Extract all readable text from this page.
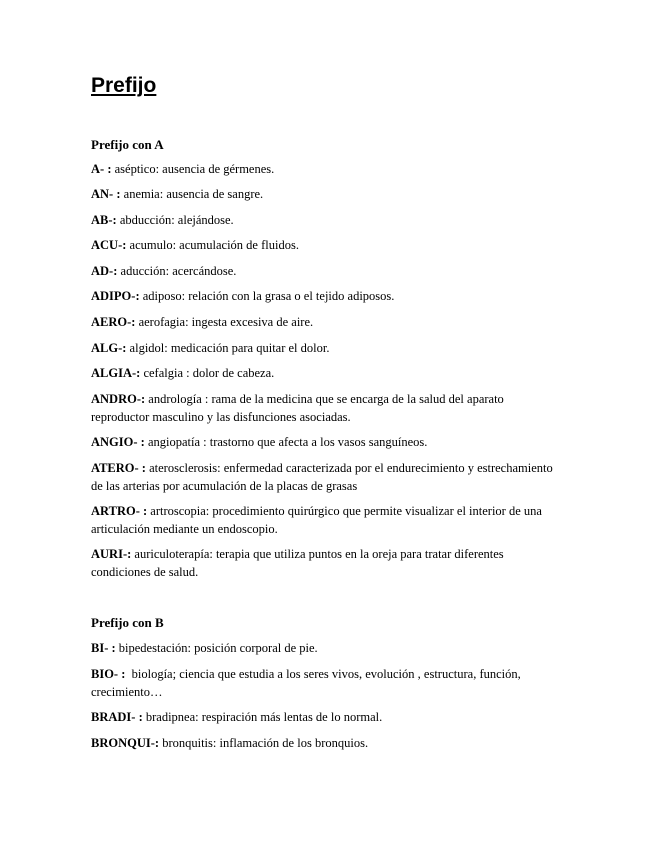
Prefijo
Prefijo con A

A- : aséptico: ausencia de gérmenes.

AN- : anemia: ausencia de sangre.

AB-: abducción: alejándose.

ACU-: acumulo: acumulación de fluidos.

AD-: aducción: acercándose.

ADIPO-: adiposo: relación con la grasa o el tejido adiposos.

AERO-: aerofagia: ingesta excesiva de aire.

ALG-: algidol: medicación para quitar el dolor.

ALGIA-: cefalgia : dolor de cabeza.

ANDRO-: andrología : rama de la medicina que se encarga de la salud del aparato reproductor masculino y las disfunciones asociadas.

ANGIO- : angiopatía : trastorno que afecta a los vasos sanguíneos.

ATERO- : aterosclerosis: enfermedad caracterizada por el endurecimiento y estrechamiento de las arterias por acumulación de la placas de grasas

ARTRO- : artroscopia: procedimiento quirúrgico que permite visualizar el interior de una articulación mediante un endoscopio.

AURI-: auriculoterapía: terapia que utiliza puntos en la oreja para tratar diferentes condiciones de salud.

Prefijo con B

BI- : bipedestación: posición corporal de pie.

BIO- :  biología; ciencia que estudia a los seres vivos, evolución , estructura, función, crecimiento…

BRADI- : bradipnea: respiración más lentas de lo normal.

BRONQUI-: bronquitis: inflamación de los bronquios.
